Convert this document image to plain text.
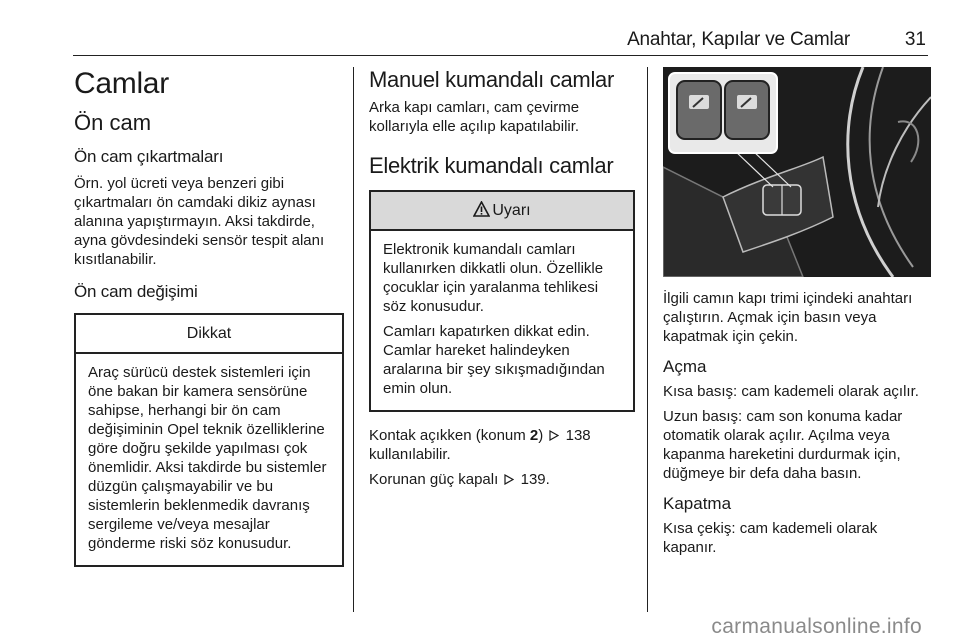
Anahtar, Kapılar ve Camlar	31
Camlar
Ön cam
Ön cam çıkartmaları

Örn. yol ücreti veya benzeri gibi çıkartmaları ön camdaki dikiz aynası alanına yapıştırmayın. Aksi takdirde, ayna gövdesindeki sensör tespit alanı kısıtlanabilir.

Ön cam değişimi
Dikkat

Araç sürücü destek sistemleri için öne bakan bir kamera sensörüne sahipse, herhangi bir ön cam değişiminin Opel teknik özelliklerine göre doğru şekilde yapılması çok önemlidir. Aksi takdirde bu sistemler düzgün çalışmayabilir ve bu sistemlerin beklenmedik davranış sergileme ve/veya mesajlar gönderme riski söz konusudur.

Manuel kumandalı camlar

Arka kapı camları, cam çevirme kollarıyla elle açılıp kapatılabilir.

Elektrik kumandalı camlar
Uyarı

Elektronik kumandalı camları kullanırken dikkatli olun. Özellikle çocuklar için yaralanma tehlikesi söz konusudur.

Camları kapatırken dikkat edin. Camlar hareket halindeyken aralarına bir şey sıkışmadığından emin olun.

Kontak açıkken (konum 2)  138 kullanılabilir.

Korunan güç kapalı  139.

İlgili camın kapı trimi içindeki anahtarı çalıştırın. Açmak için basın veya kapatmak için çekin.

Açma

Kısa basış: cam kademeli olarak açılır.

Uzun basış: cam son konuma kadar otomatik olarak açılır. Açılma veya kapanma hareketini durdurmak için, düğmeye bir defa daha basın.

Kapatma

Kısa çekiş: cam kademeli olarak kapanır.

carmanualsonline.info
